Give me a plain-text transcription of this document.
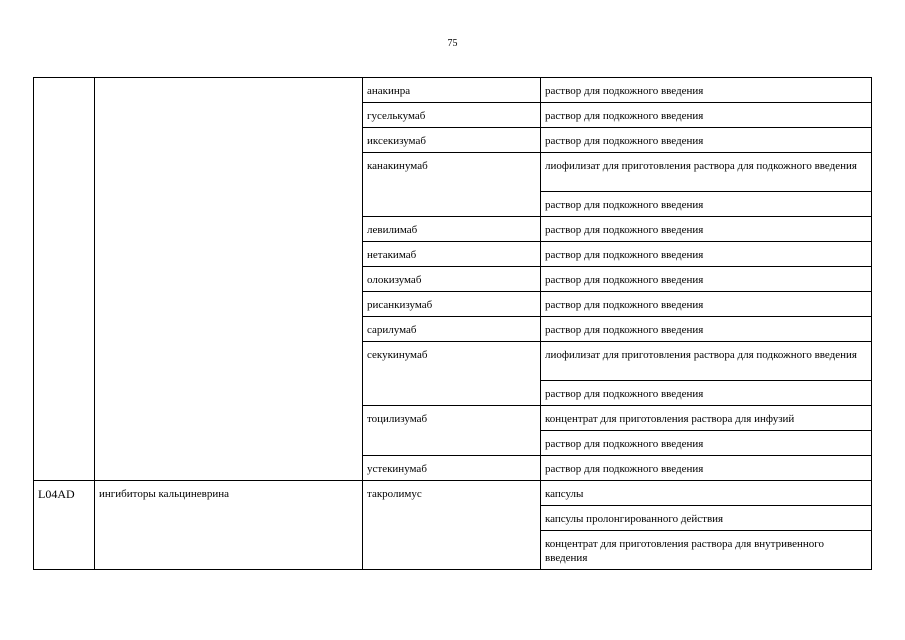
75
		анакинра	раствор для подкожного введения
		гуселькумаб	раствор для подкожного введения
		иксекизумаб	раствор для подкожного введения
		канакинумаб	лиофилизат для приготовления раствора для подкожного введения
			раствор для подкожного введения
		левилимаб	раствор для подкожного введения
		нетакимаб	раствор для подкожного введения
		олокизумаб	раствор для подкожного введения
		рисанкизумаб	раствор для подкожного введения
		сарилумаб	раствор для подкожного введения
		секукинумаб	лиофилизат для приготовления раствора для подкожного введения
			раствор для подкожного введения
		тоцилизумаб	концентрат для приготовления раствора для инфузий
			раствор для подкожного введения
		устекинумаб	раствор для подкожного введения
L04AD	ингибиторы кальциневрина	такролимус	капсулы
			капсулы пролонгированного действия
			концентрат для приготовления раствора для внутривенного введения
